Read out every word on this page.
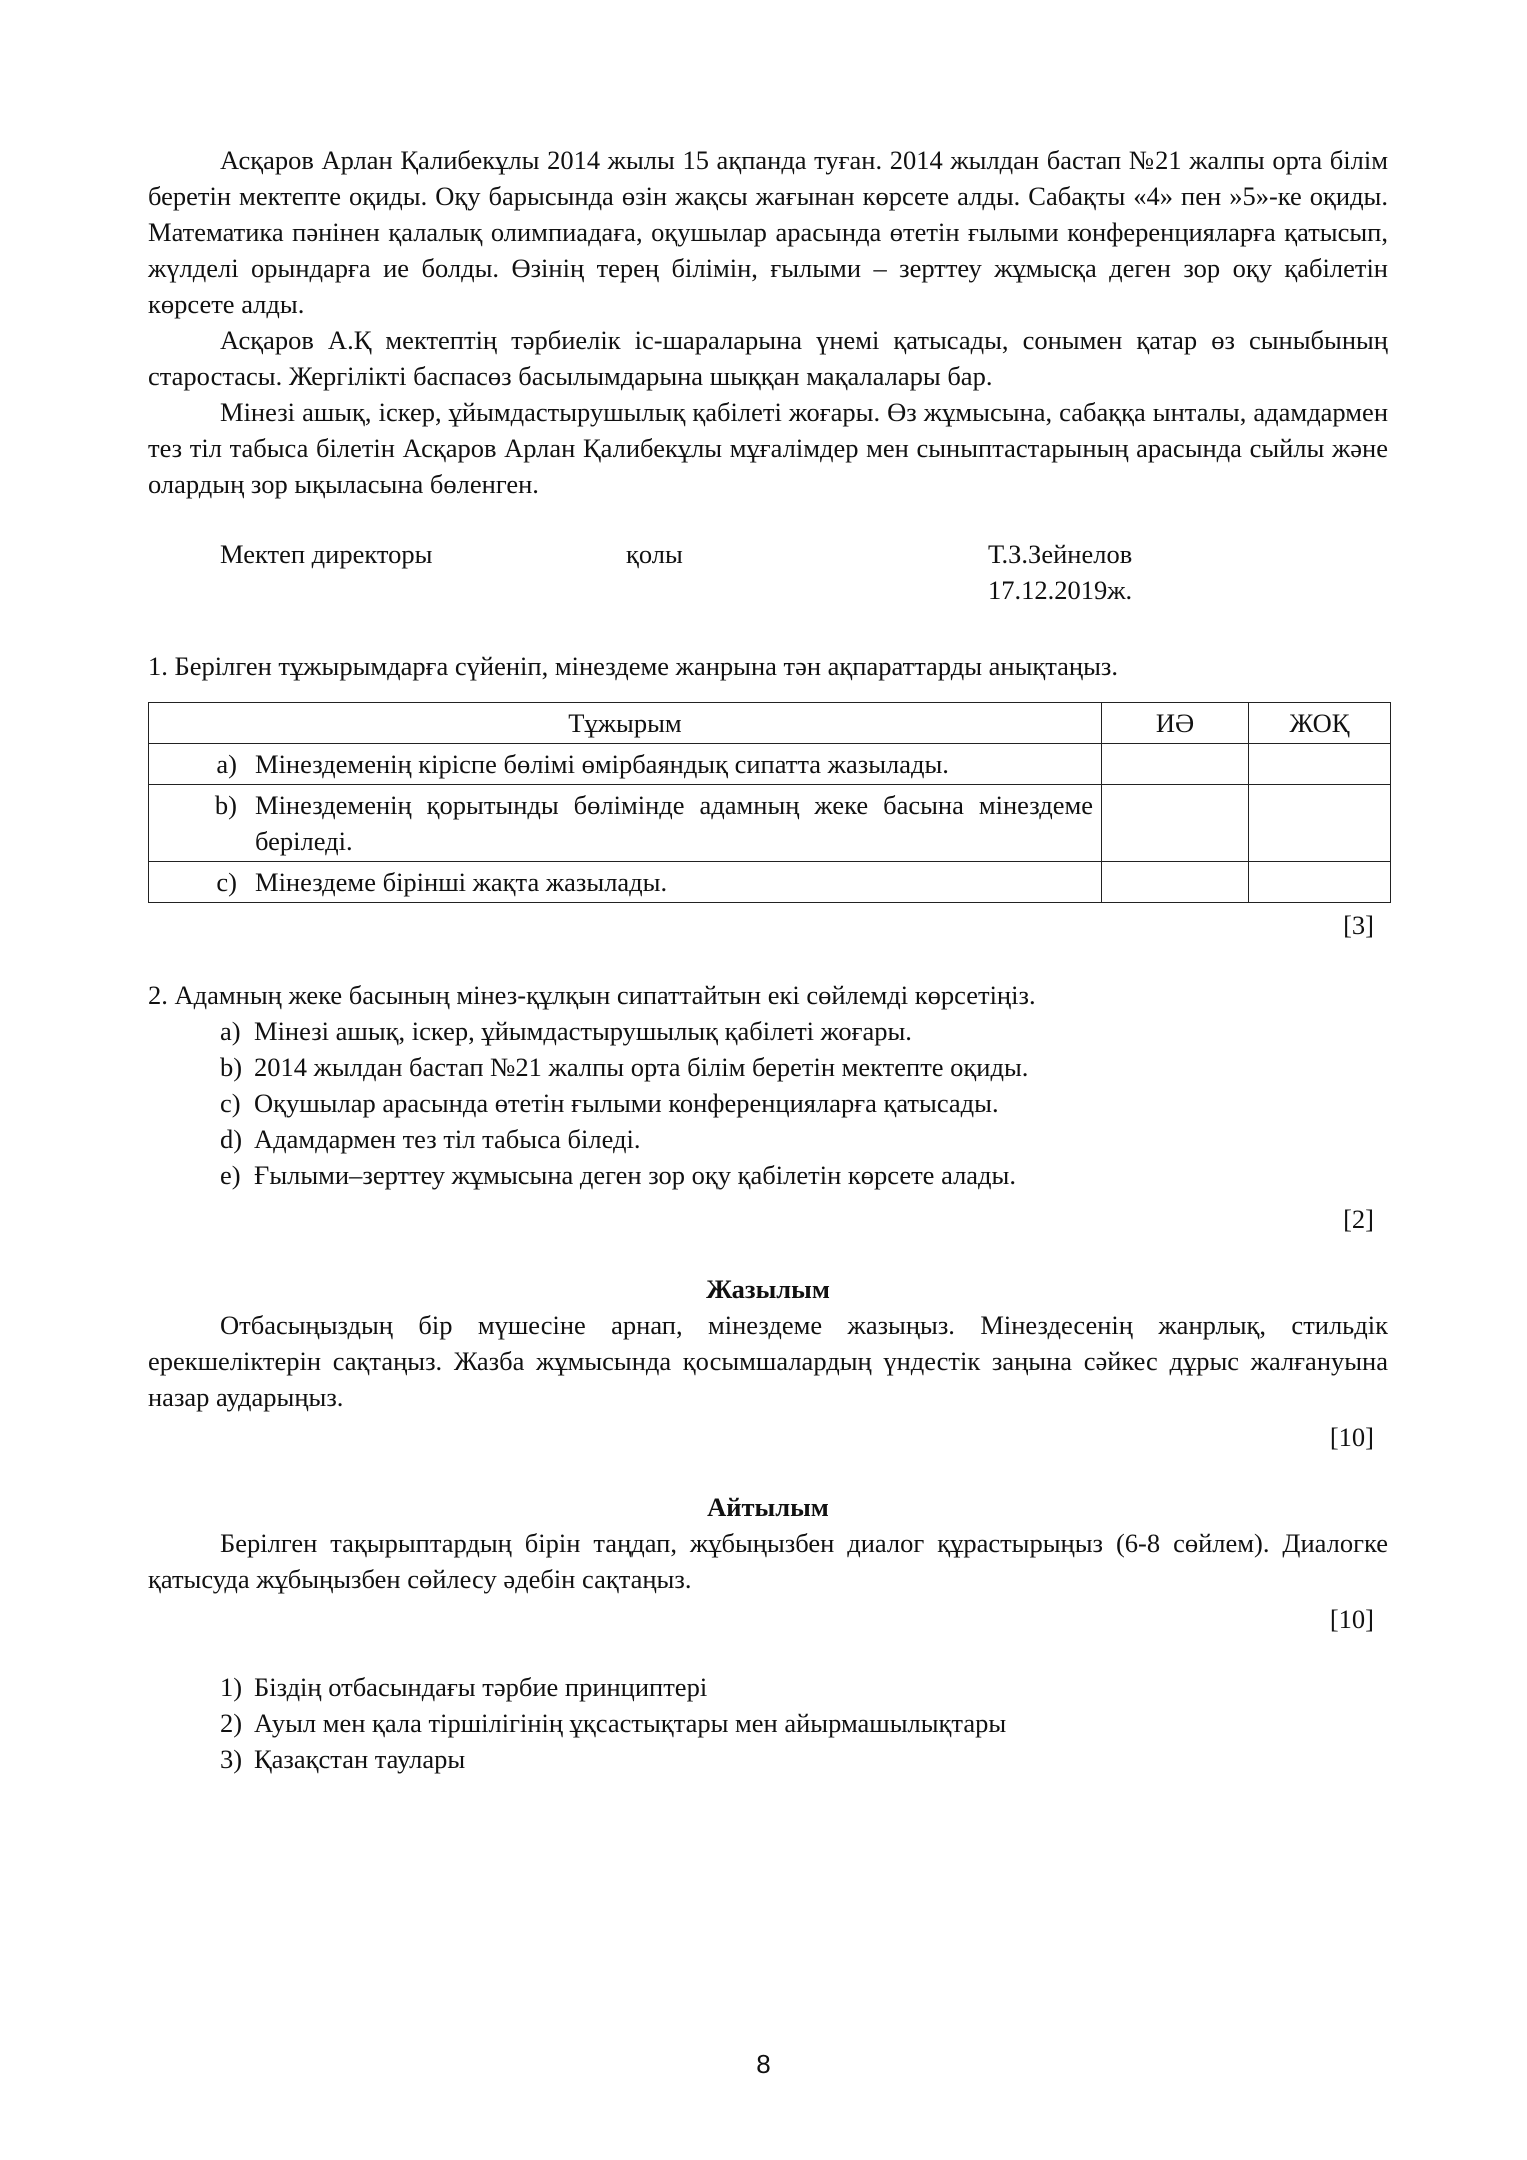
Асқаров Арлан Қалибекұлы 2014 жылы 15 ақпанда туған. 2014 жылдан бастап №21 жалпы орта білім беретін мектепте оқиды. Оқу барысында өзін жақсы жағынан көрсете алды. Сабақты «4» пен »5»-ке оқиды. Математика пәнінен қалалық олимпиадаға, оқушылар арасында өтетін ғылыми конференцияларға қатысып, жүлделі орындарға ие болды. Өзінің терең білімін, ғылыми – зерттеу жұмысқа деген зор оқу қабілетін көрсете алды.

Асқаров А.Қ мектептің тәрбиелік іс-шараларына үнемі қатысады, сонымен қатар өз сыныбының старостасы. Жергілікті баспасөз басылымдарына шыққан мақалалары бар.

Мінезі ашық, іскер, ұйымдастырушылық қабілеті жоғары. Өз жұмысына, сабаққа ынталы, адамдармен тез тіл табыса білетін Асқаров Арлан Қалибекұлы мұғалімдер мен сыныптастарының арасында сыйлы және олардың зор ықыласына бөленген.

Мектеп директоры	қолы	Т.З.Зейнелов
17.12.2019ж.

1. Берілген тұжырымдарға сүйеніп, мінездеме жанрына тән ақпараттарды анықтаңыз.

Тұжырым	ИӘ	ЖОҚ

a) Мінездеменің кіріспе бөлімі өмірбаяндық сипатта жазылады.		

b) Мінездеменің қорытынды бөлімінде адамның жеке басына мінездеме беріледі.		

c) Мінездеме бірінші жақта жазылады.		

[3]

2. Адамның жеке басының мінез-құлқын сипаттайтын екі сөйлемді көрсетіңіз.

a) Мінезі ашық, іскер, ұйымдастырушылық қабілеті жоғары.
b) 2014 жылдан бастап №21 жалпы орта білім беретін мектепте оқиды.
c) Оқушылар арасында өтетін ғылыми конференцияларға қатысады.
d) Адамдармен тез тіл табыса біледі.
e) Ғылыми–зерттеу жұмысына деген зор оқу қабілетін көрсете алады.
[2]
Жазылым

Отбасыңыздың бір мүшесіне арнап, мінездеме жазыңыз. Мінездесенің жанрлық, стильдік ерекшеліктерін сақтаңыз. Жазба жұмысында қосымшалардың үндестік заңына сәйкес дұрыс жалғануына назар аударыңыз.

[10]
Айтылым

Берілген тақырыптардың бірін таңдап, жұбыңызбен диалог құрастырыңыз (6-8 сөйлем). Диалогке қатысуда жұбыңызбен сөйлесу әдебін сақтаңыз.

[10]
1) Біздің отбасындағы тәрбие принциптері
2) Ауыл мен қала тіршілігінің ұқсастықтары мен айырмашылықтары
3) Қазақстан таулары
8
